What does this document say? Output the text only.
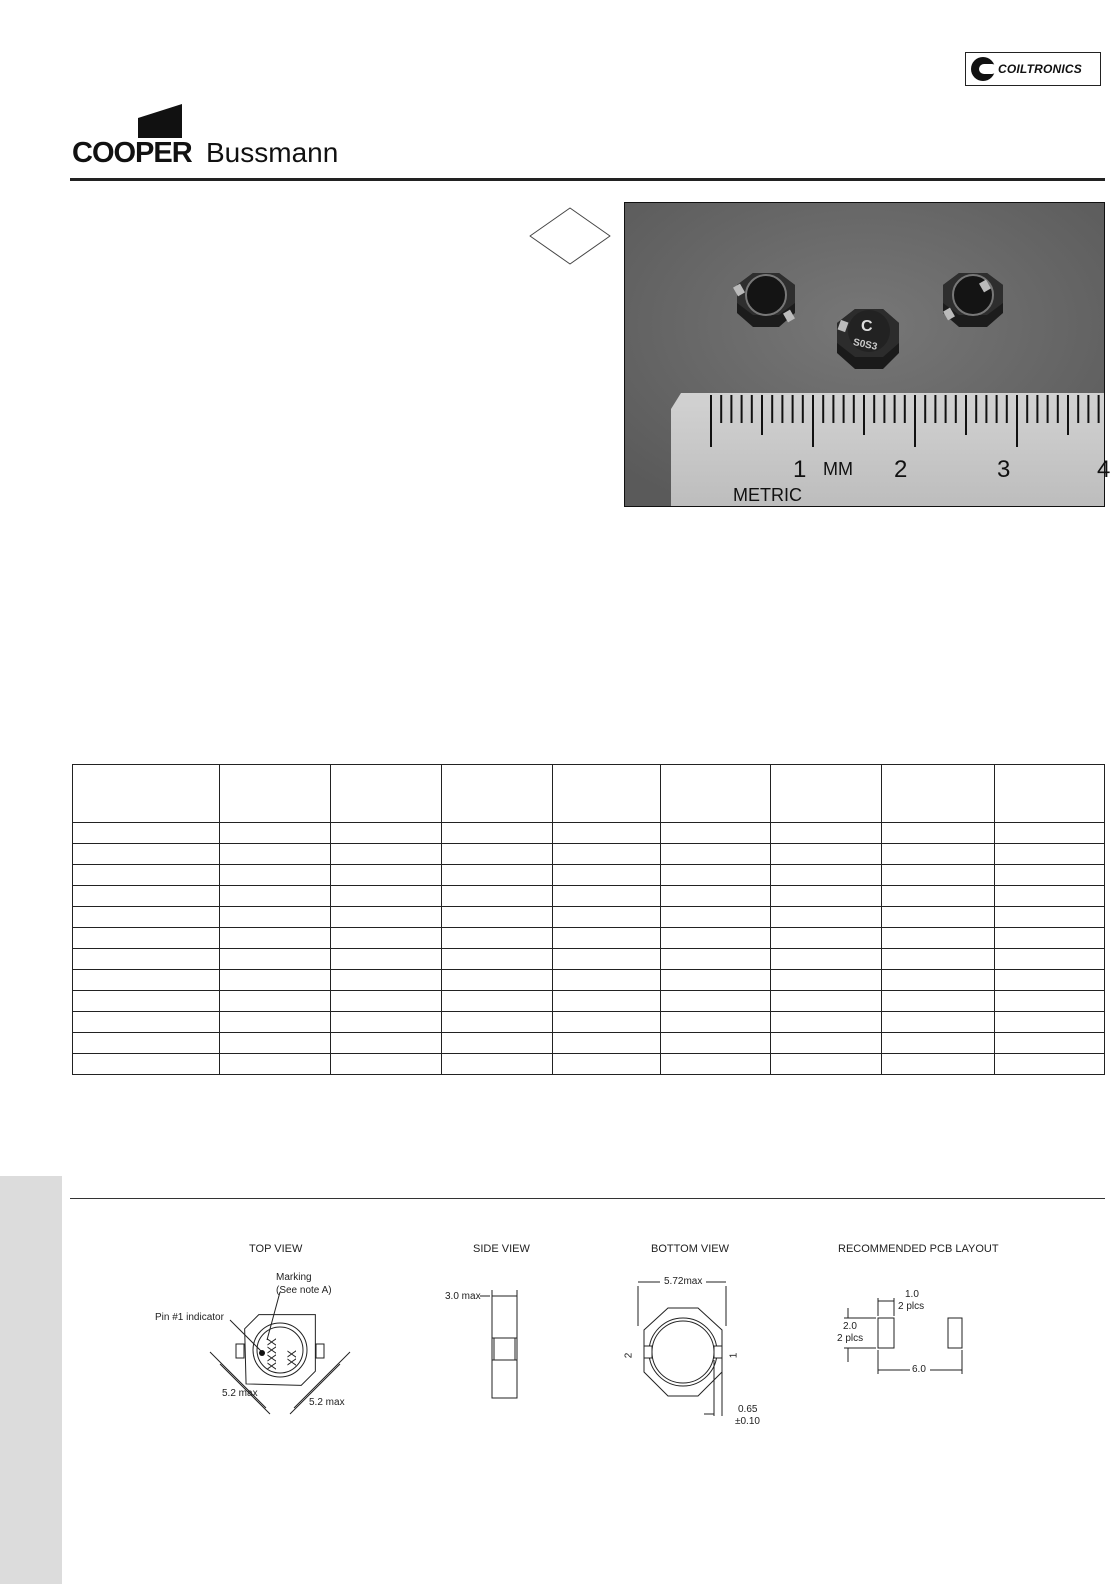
COILTRONICS
COOPER Bussmann
C
S0S3
1 MM 2	3	4
METRIC

TOP VIEW	SIDE VIEW	BOTTOM VIEW	RECOMMENDED PCB LAYOUT
Marking
(See note A)
Pin #1 indicator
5.2 max
5.2 max
XXXX XX
3.0 max
5.72max
2	1
0.65
±0.10
1.0
2 plcs
2.0
2 plcs
6.0
